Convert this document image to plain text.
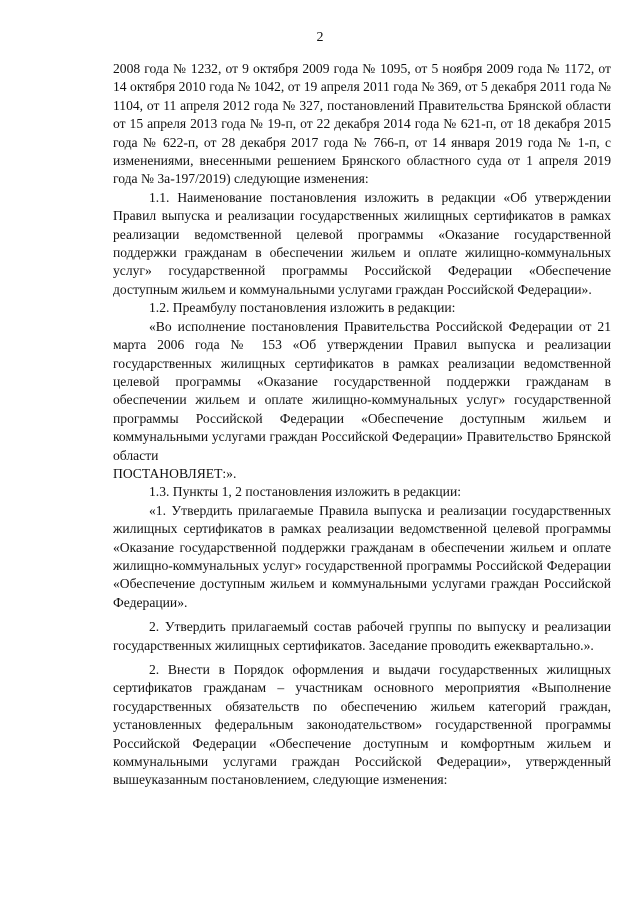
2

2008 года № 1232, от 9 октября 2009 года № 1095, от 5 ноября 2009 года № 1172, от 14 октября 2010 года № 1042, от 19 апреля 2011 года № 369, от 5 декабря 2011 года № 1104, от 11 апреля 2012 года № 327, постановлений Правительства Брянской области от 15 апреля 2013 года № 19-п, от 22 декабря 2014 года № 621-п, от 18 декабря 2015 года № 622-п, от 28 декабря 2017 года № 766-п, от 14 января 2019 года № 1-п, с изменениями, внесенными решением Брянского областного суда от 1 апреля 2019 года № 3а-197/2019) следующие изменения:

1.1. Наименование постановления изложить в редакции «Об утверждении Правил выпуска и реализации государственных жилищных сертификатов в рамках реализации ведомственной целевой программы «Оказание государственной поддержки гражданам в обеспечении жильем и оплате жилищно-коммунальных услуг» государственной программы Российской Федерации «Обеспечение доступным жильем и коммунальными услугами граждан Российской Федерации».

1.2. Преамбулу постановления изложить в редакции:

«Во исполнение постановления Правительства Российской Федерации от 21 марта 2006 года № 153 «Об утверждении Правил выпуска и реализации государственных жилищных сертификатов в рамках реализации ведомственной целевой программы «Оказание государственной поддержки гражданам в обеспечении жильем и оплате жилищно-коммунальных услуг» государственной программы Российской Федерации «Обеспечение доступным жильем и коммунальными услугами граждан Российской Федерации» Правительство Брянской области

ПОСТАНОВЛЯЕТ:».

1.3. Пункты 1, 2 постановления изложить в редакции:

«1. Утвердить прилагаемые Правила выпуска и реализации государственных жилищных сертификатов в рамках реализации ведомственной целевой программы «Оказание государственной поддержки гражданам в обеспечении жильем и оплате жилищно-коммунальных услуг» государственной программы Российской Федерации «Обеспечение доступным жильем и коммунальными услугами граждан Российской Федерации».

2. Утвердить прилагаемый состав рабочей группы по выпуску и реализации государственных жилищных сертификатов. Заседание проводить ежеквартально.».

2. Внести в Порядок оформления и выдачи государственных жилищных сертификатов гражданам – участникам основного мероприятия «Выполнение государственных обязательств по обеспечению жильем категорий граждан, установленных федеральным законодательством» государственной программы Российской Федерации «Обеспечение доступным и комфортным жильем и коммунальными услугами граждан Российской Федерации», утвержденный вышеуказанным постановлением, следующие изменения:
